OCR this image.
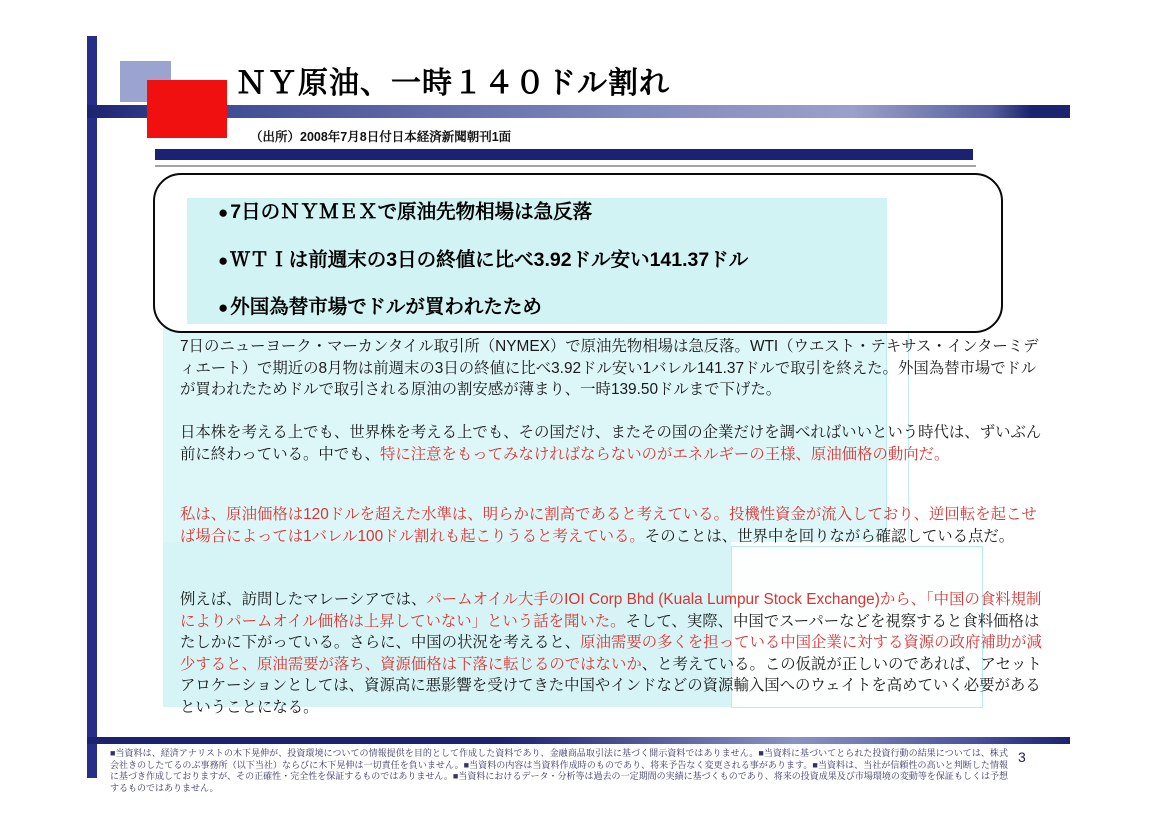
ＮＹ原油、一時１４０ドル割れ
（出所）2008年7月8日付日本経済新聞朝刊1面
● 7日のＮＹＭＥＸで原油先物相場は急反落
● ＷＴＩは前週末の3日の終値に比べ3.92ドル安い141.37ドル
● 外国為替市場でドルが買われたため
7日のニューヨーク・マーカンタイル取引所（NYMEX）で原油先物相場は急反落。WTI（ウエスト・テキサス・インターミディエート）で期近の8月物は前週末の3日の終値に比べ3.92ドル安い1バレル141.37ドルで取引を終えた。外国為替市場でドルが買われたためドルで取引される原油の割安感が薄まり、一時139.50ドルまで下げた。
日本株を考える上でも、世界株を考える上でも、その国だけ、またその国の企業だけを調べればいいという時代は、ずいぶん前に終わっている。中でも、特に注意をもってみなければならないのがエネルギーの王様、原油価格の動向だ。
私は、原油価格は120ドルを超えた水準は、明らかに割高であると考えている。投機性資金が流入しており、逆回転を起こせば場合によっては1バレル100ドル割れも起こりうると考えている。そのことは、世界中を回りながら確認している点だ。
例えば、訪問したマレーシアでは、パームオイル大手のIOI Corp Bhd (Kuala Lumpur Stock Exchange)から、「中国の食料規制によりパームオイル価格は上昇していない」という話を聞いた。そして、実際、中国でスーパーなどを視察すると食料価格はたしかに下がっている。さらに、中国の状況を考えると、原油需要の多くを担っている中国企業に対する資源の政府補助が減少すると、原油需要が落ち、資源価格は下落に転じるのではないか、と考えている。この仮説が正しいのであれば、アセットアロケーションとしては、資源高に悪影響を受けてきた中国やインドなどの資源輸入国へのウェイトを高めていく必要があるということになる。
■当資料は、経済アナリストの木下晃伸が、投資環境についての情報提供を目的として作成した資料であり、金融商品取引法に基づく開示資料ではありません。■当資料に基づいてとられた投資行動の結果については、株式会社きのしたてるのぶ事務所（以下当社）ならびに木下晃伸は一切責任を負いません。■当資料の内容は当資料作成時のものであり、将来予告なく変更される事があります。■当資料は、当社が信頼性の高いと判断した情報に基づき作成しておりますが、その正確性・完全性を保証するものではありません。■当資料におけるデータ・分析等は過去の一定期間の実績に基づくものであり、将来の投資成果及び市場環境の変動等を保証もしくは予想するものではありません。
3
